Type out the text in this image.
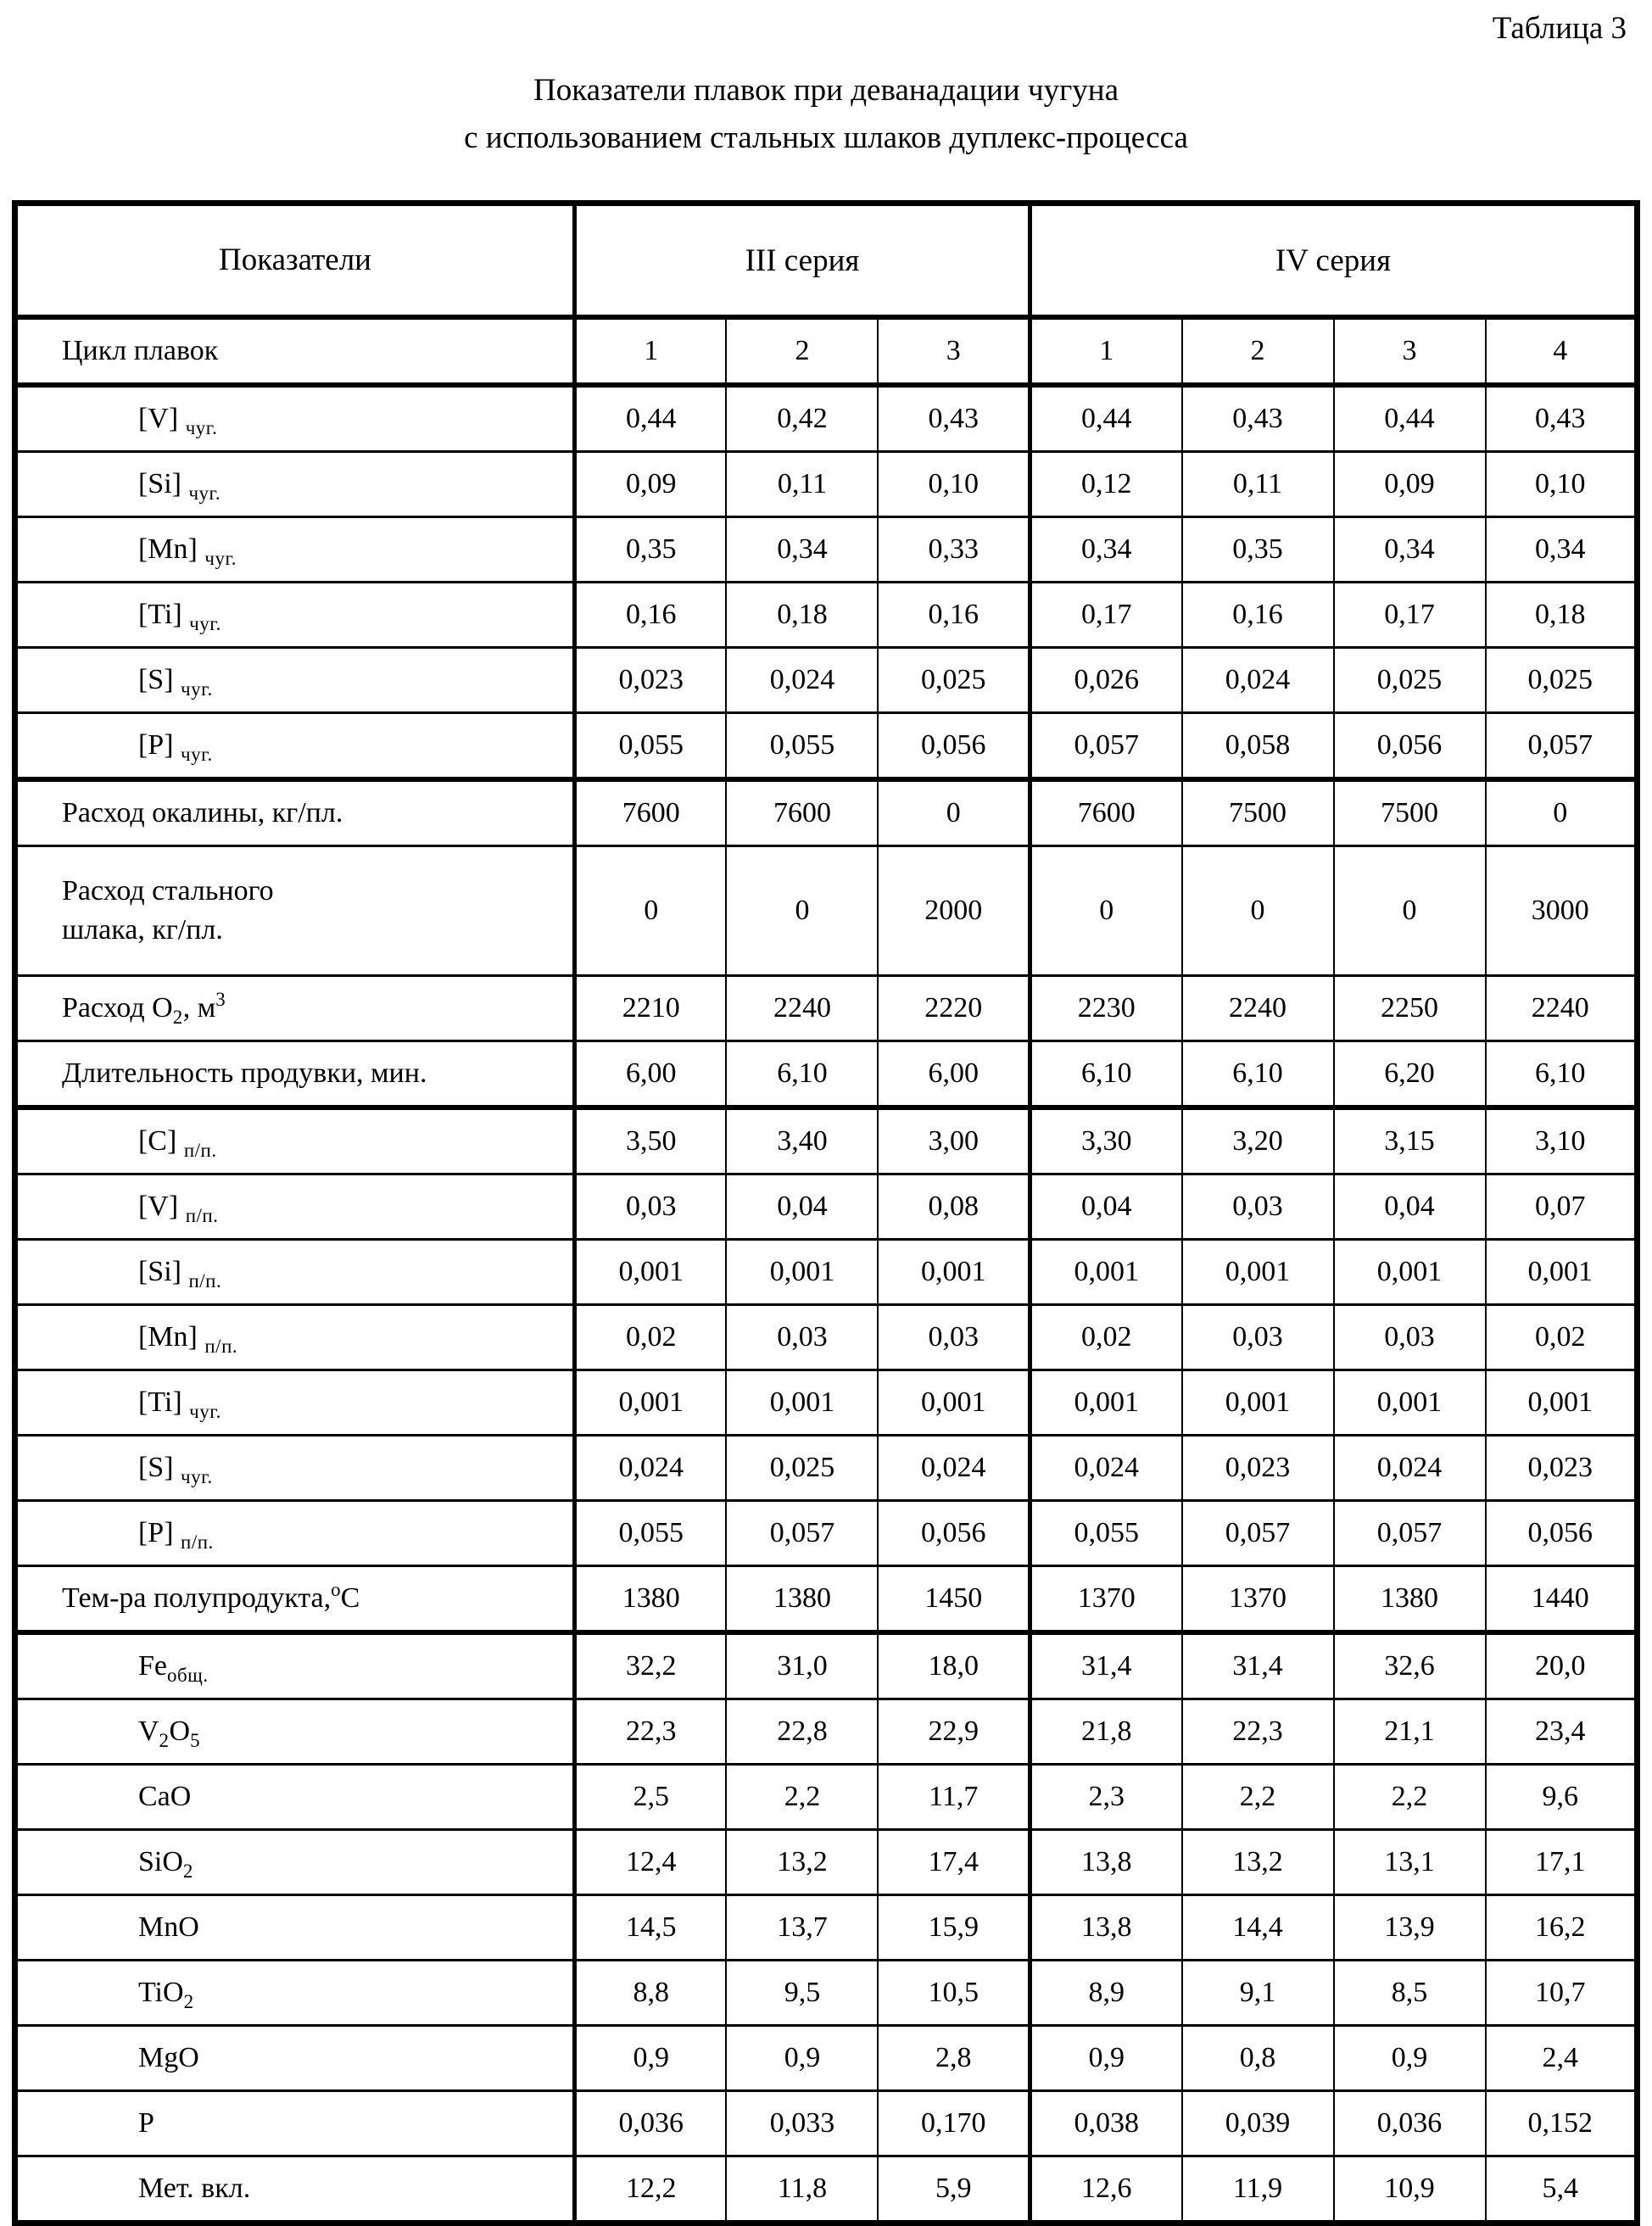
Таблица 3
Показатели плавок при деванадации чугуна
с использованием стальных шлаков дуплекс-процесса
Показатели	III серия			IV серия			
Цикл плавок	1	2	3	1	2	3	4
[V] $_{чуг.}$	0,44	0,42	0,43	0,44	0,43	0,44	0,43
[Si] $_{чуг.}$	0,09	0,11	0,10	0,12	0,11	0,09	0,10
[Mn] $_{чуг.}$	0,35	0,34	0,33	0,34	0,35	0,34	0,34
[Ti] $_{чуг.}$	0,16	0,18	0,16	0,17	0,16	0,17	0,18
[S] $_{чуг.}$	0,023	0,024	0,025	0,026	0,024	0,025	0,025
[P] $_{чуг.}$	0,055	0,055	0,056	0,057	0,058	0,056	0,057
Расход окалины, кг/пл.	7600	7600	0	7600	7500	7500	0
Расход стального
шлака, кг/пл.	0	0	2000	0	0	0	3000
Расход $О_2$, $м^3$	2210	2240	2220	2230	2240	2250	2240
Длительность продувки, мин.	6,00	6,10	6,00	6,10	6,10	6,20	6,10
[C] $_{п/п.}$	3,50	3,40	3,00	3,30	3,20	3,15	3,10
[V] $_{п/п.}$	0,03	0,04	0,08	0,04	0,03	0,04	0,07
[Si] $_{п/п.}$	0,001	0,001	0,001	0,001	0,001	0,001	0,001
[Mn] $_{п/п.}$	0,02	0,03	0,03	0,02	0,03	0,03	0,02
[Ti] $_{чуг.}$	0,001	0,001	0,001	0,001	0,001	0,001	0,001
[S] $_{чуг.}$	0,024	0,025	0,024	0,024	0,023	0,024	0,023
[P] $_{п/п.}$	0,055	0,057	0,056	0,055	0,057	0,057	0,056
Тем-ра полупродукта,$^о$С	1380	1380	1450	1370	1370	1380	1440
$Fe_{общ.}$	32,2	31,0	18,0	31,4	31,4	32,6	20,0
$V_2O_5$	22,3	22,8	22,9	21,8	22,3	21,1	23,4
CaO	2,5	2,2	11,7	2,3	2,2	2,2	9,6
SiO$_2$	12,4	13,2	17,4	13,8	13,2	13,1	17,1
MnO	14,5	13,7	15,9	13,8	14,4	13,9	16,2
TiO$_2$	8,8	9,5	10,5	8,9	9,1	8,5	10,7
MgO	0,9	0,9	2,8	0,9	0,8	0,9	2,4
P	0,036	0,033	0,170	0,038	0,039	0,036	0,152
Мет. вкл.	12,2	11,8	5,9	12,6	11,9	10,9	5,4
